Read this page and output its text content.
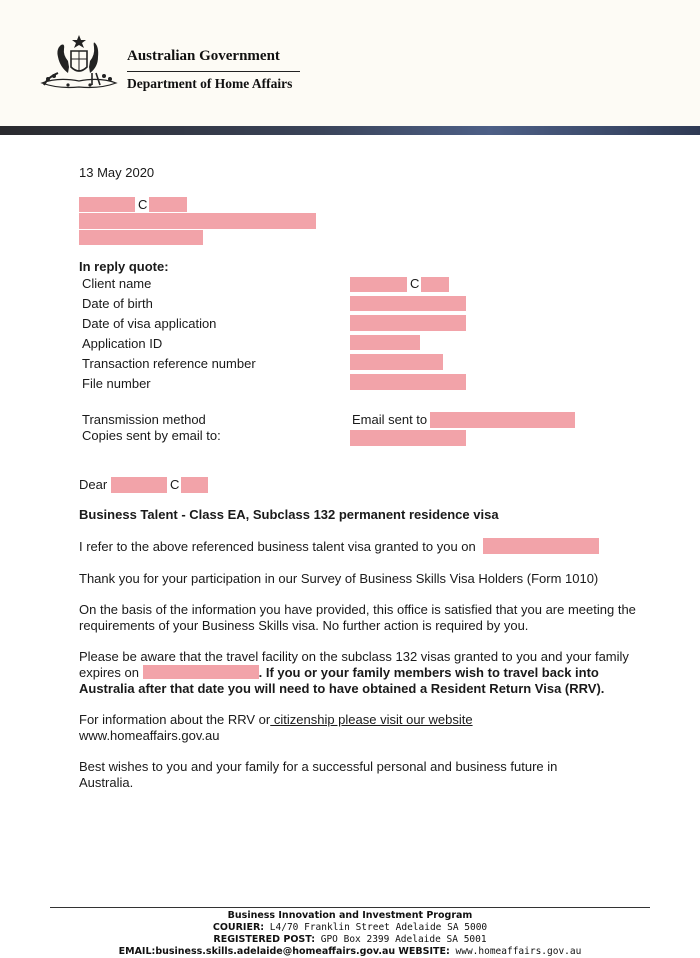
Australian Government
Department of Home Affairs
13 May 2020
C
In reply quote:
Client name	C
Date of birth
Date of visa application
Application ID
Transaction reference number
File number
Transmission method	Email sent to
Copies sent by email to:
Dear	C
Business Talent - Class EA, Subclass 132 permanent residence visa
I refer to the above referenced business talent visa granted to you on
Thank you for your participation in our Survey of Business Skills Visa Holders (Form 1010)
On the basis of the information you have provided, this office is satisfied that you are meeting the requirements of your Business Skills visa. No further action is required by you.
Please be aware that the travel facility on the subclass 132 visas granted to you and your family expires on	. If you or your family members wish to travel back into Australia after that date you will need to have obtained a Resident Return Visa (RRV).
For information about the RRV or citizenship please visit our website
www.homeaffairs.gov.au
Best wishes to you and your family for a successful personal and business future in Australia.
Business Innovation and Investment Program
COURIER: L4/70 Franklin Street Adelaide SA 5000
REGISTERED POST: GPO Box 2399 Adelaide SA 5001
EMAIL:business.skills.adelaide@homeaffairs.gov.au WEBSITE: www.homeaffairs.gov.au
